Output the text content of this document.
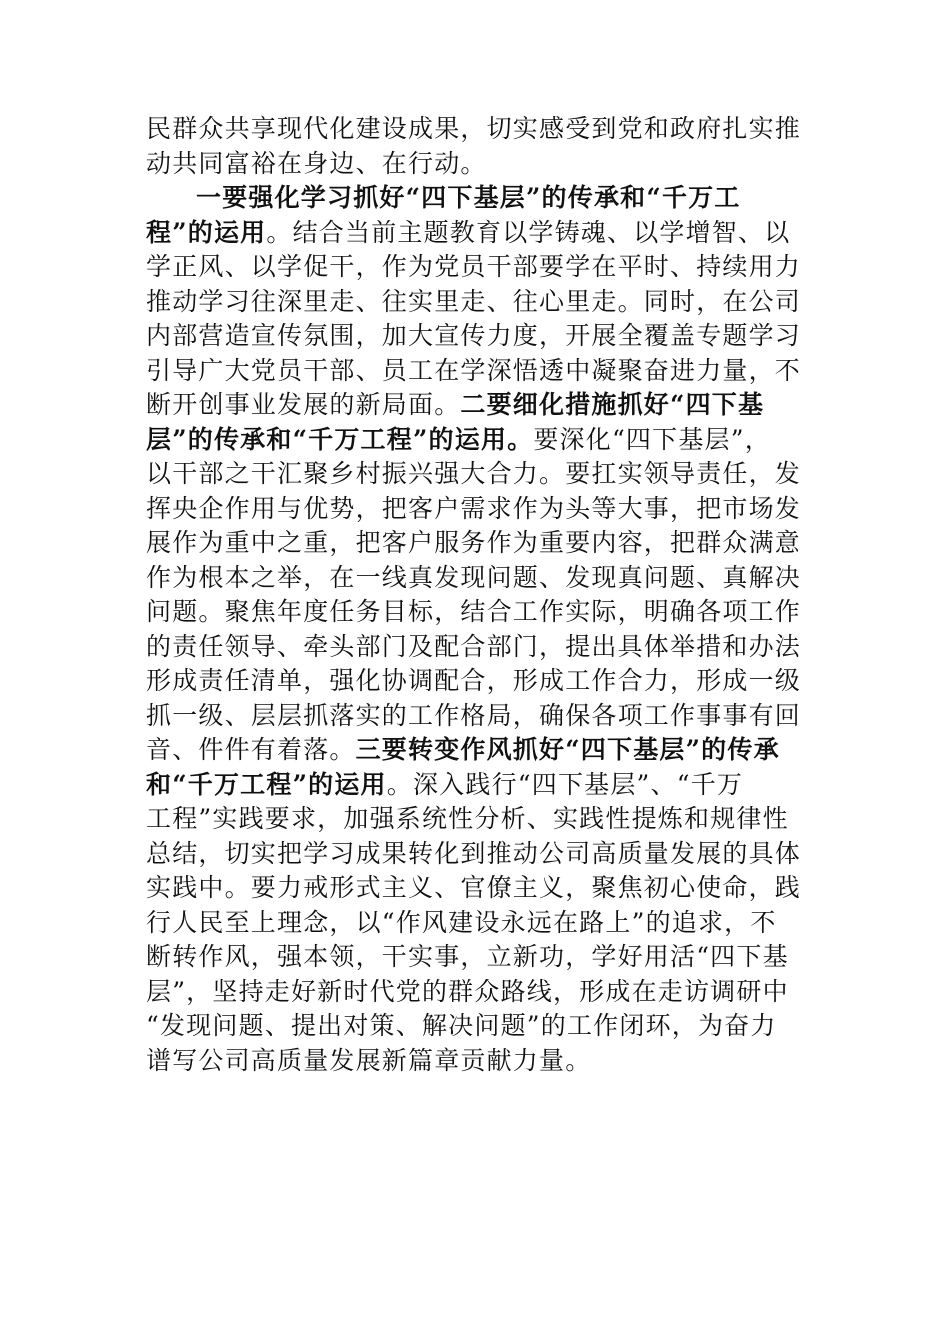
民群众共享现代化建设成果，切实感受到党和政府扎实推
动共同富裕在身边、在行动。
一要强化学习抓好“四下基层”的传承和“千万工
程”的运用。结合当前主题教育以学铸魂、以学增智、以
学正风、以学促干，作为党员干部要学在平时、持续用力
推动学习往深里走、往实里走、往心里走。同时，在公司
内部营造宣传氛围，加大宣传力度，开展全覆盖专题学习
引导广大党员干部、员工在学深悟透中凝聚奋进力量，不
断开创事业发展的新局面。二要细化措施抓好“四下基
层”的传承和“千万工程”的运用。要深化“四下基层”，
以干部之干汇聚乡村振兴强大合力。要扛实领导责任，发
挥央企作用与优势，把客户需求作为头等大事，把市场发
展作为重中之重，把客户服务作为重要内容，把群众满意
作为根本之举，在一线真发现问题、发现真问题、真解决
问题。聚焦年度任务目标，结合工作实际，明确各项工作
的责任领导、牵头部门及配合部门，提出具体举措和办法
形成责任清单，强化协调配合，形成工作合力，形成一级
抓一级、层层抓落实的工作格局，确保各项工作事事有回
音、件件有着落。三要转变作风抓好“四下基层”的传承
和“千万工程”的运用。深入践行“四下基层”、“千万
工程”实践要求，加强系统性分析、实践性提炼和规律性
总结，切实把学习成果转化到推动公司高质量发展的具体
实践中。要力戒形式主义、官僚主义，聚焦初心使命，践
行人民至上理念，以“作风建设永远在路上”的追求，不
断转作风，强本领，干实事，立新功，学好用活“四下基
层”，坚持走好新时代党的群众路线，形成在走访调研中
“发现问题、提出对策、解决问题”的工作闭环，为奋力
谱写公司高质量发展新篇章贡献力量。
